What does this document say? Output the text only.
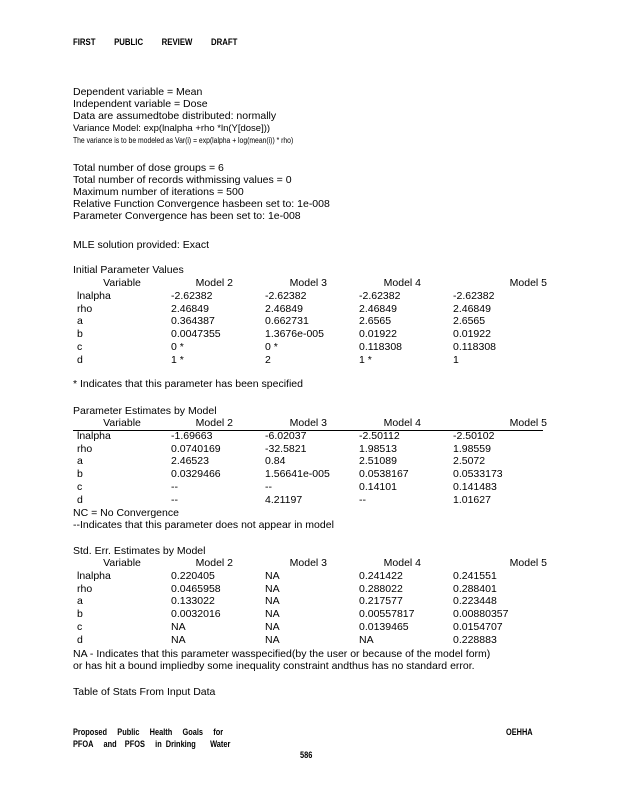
FIRST PUBLIC REVIEW DRAFT
Dependent variable = Mean
Independent variable = Dose
Data are assumedtobe distributed: normally
Variance Model: exp(lnalpha +rho *ln(Y[dose]))
The variance is to be modeled as Var(i) = exp(lalpha + log(mean(i)) * rho)
Total number of dose groups = 6
Total number of records withmissing values = 0
Maximum number of iterations = 500
Relative Function Convergence hasbeen set to: 1e-008
Parameter Convergence has been set to: 1e-008
MLE solution provided: Exact
Initial Parameter Values
Variable	Model 2	Model 3	Model 4	Model 5
lnalpha	-2.62382	-2.62382	-2.62382	-2.62382
rho	2.46849	2.46849	2.46849	2.46849
a	0.364387	0.662731	2.6565	2.6565
b	0.0047355	1.3676e-005	0.01922	0.01922
c	0 *	0 *	0.118308	0.118308
d	1 *	2	1 *	1
* Indicates that this parameter has been specified
Parameter Estimates by Model
Variable	Model 2	Model 3	Model 4	Model 5
lnalpha	-1.69663	-6.02037	-2.50112	-2.50102
rho	0.0740169	-32.5821	1.98513	1.98559
a	2.46523	0.84	2.51089	2.5072
b	0.0329466	1.56641e-005	0.0538167	0.0533173
c	--	--	0.14101	0.141483
d	--	4.21197	--	1.01627
NC = No Convergence
--Indicates that this parameter does not appear in model
Std. Err. Estimates by Model
Variable	Model 2	Model 3	Model 4	Model 5
lnalpha	0.220405	NA	0.241422	0.241551
rho	0.0465958	NA	0.288022	0.288401
a	0.133022	NA	0.217577	0.223448
b	0.0032016	NA	0.00557817	0.00880357
c	NA	NA	0.0139465	0.0154707
d	NA	NA	NA	0.228883
NA - Indicates that this parameter wasspecified(by the user or because of the model form)
or has hit a bound impliedby some inequality constraint andthus has no standard error.
Table of Stats From Input Data
Proposed     Public     Health     Goals     for
PFOA     and    PFOS     in  Drinking       Water
OEHHA
586
